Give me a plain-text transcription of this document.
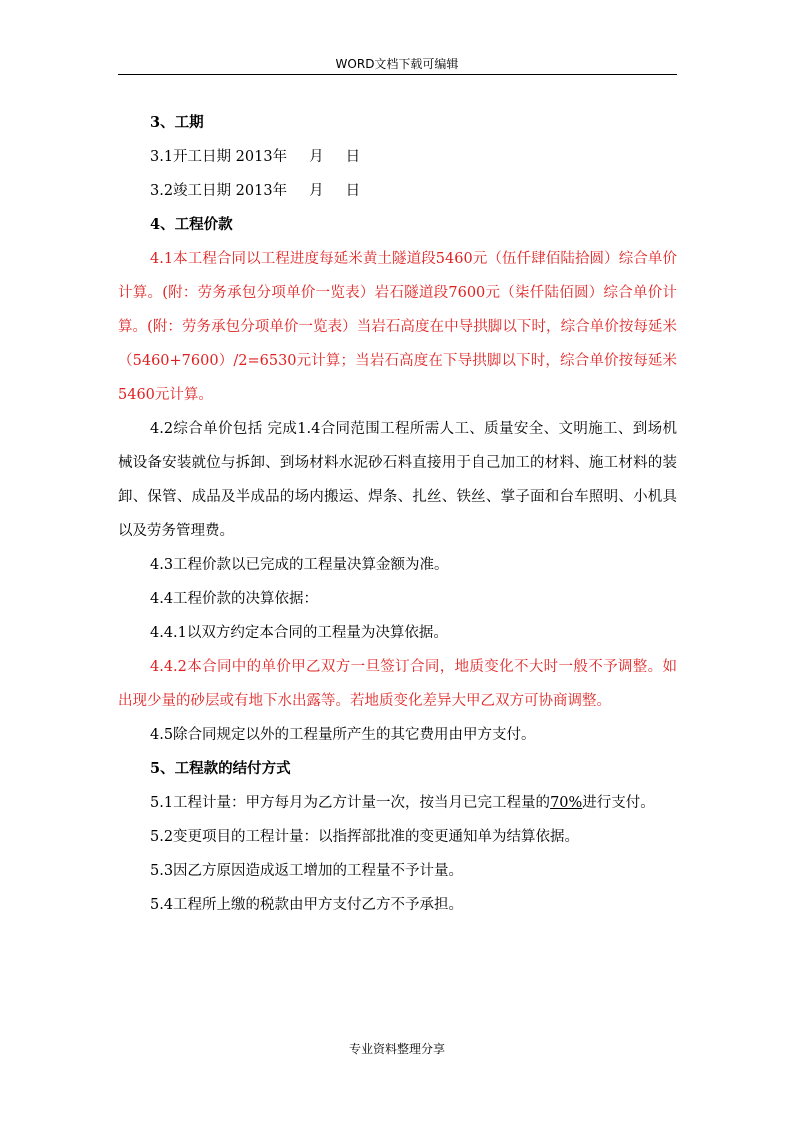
WORD文档下载可编辑

3、工期

3.1开工日期 2013年 月 日

3.2竣工日期 2013年 月 日

4、工程价款

4.1本工程合同以工程进度每延米黄土隧道段5460元（伍仟肆佰陆拾圆）综合单价计算。(附：劳务承包分项单价一览表）岩石隧道段7600元（柒仟陆佰圆）综合单价计算。(附：劳务承包分项单价一览表）当岩石高度在中导拱脚以下时，综合单价按每延米（5460+7600）/2=6530元计算；当岩石高度在下导拱脚以下时，综合单价按每延米5460元计算。

4.2综合单价包括 完成1.4合同范围工程所需人工、质量安全、文明施工、到场机械设备安装就位与拆卸、到场材料水泥砂石料直接用于自己加工的材料、施工材料的装卸、保管、成品及半成品的场内搬运、焊条、扎丝、铁丝、掌子面和台车照明、小机具以及劳务管理费。

4.3工程价款以已完成的工程量决算金额为准。

4.4工程价款的决算依据：

4.4.1以双方约定本合同的工程量为决算依据。

4.4.2本合同中的单价甲乙双方一旦签订合同，地质变化不大时一般不予调整。如出现少量的砂层或有地下水出露等。若地质变化差异大甲乙双方可协商调整。

4.5除合同规定以外的工程量所产生的其它费用由甲方支付。

5、工程款的结付方式

5.1工程计量：甲方每月为乙方计量一次，按当月已完工程量的70%进行支付。

5.2变更项目的工程计量：以指挥部批准的变更通知单为结算依据。

5.3因乙方原因造成返工增加的工程量不予计量。

5.4工程所上缴的税款由甲方支付乙方不予承担。

专业资料整理分享
